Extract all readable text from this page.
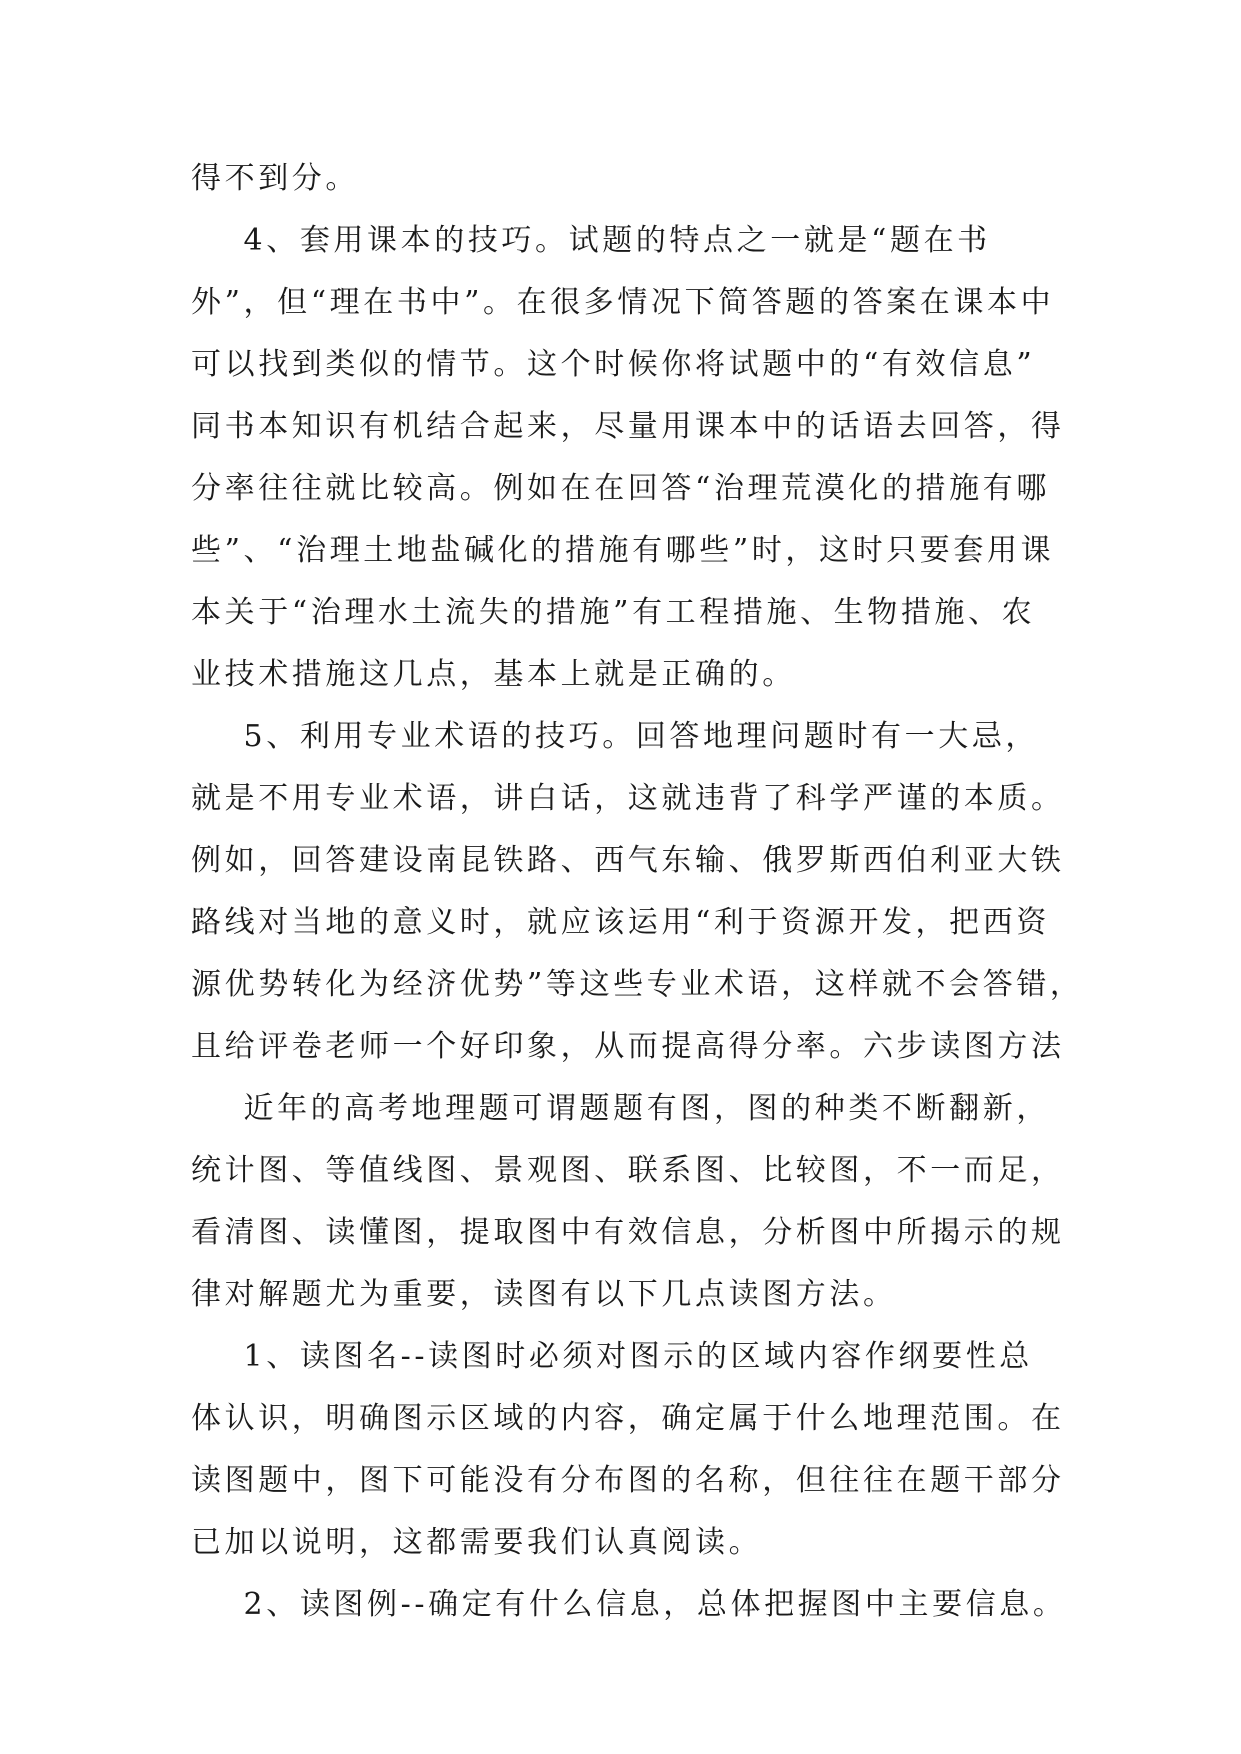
得不到分。
4、套用课本的技巧。试题的特点之一就是“题在书
外”，但“理在书中”。在很多情况下简答题的答案在课本中
可以找到类似的情节。这个时候你将试题中的“有效信息”
同书本知识有机结合起来，尽量用课本中的话语去回答，得
分率往往就比较高。例如在在回答“治理荒漠化的措施有哪
些”、“治理土地盐碱化的措施有哪些”时，这时只要套用课
本关于“治理水土流失的措施”有工程措施、生物措施、农
业技术措施这几点，基本上就是正确的。
5、利用专业术语的技巧。回答地理问题时有一大忌，
就是不用专业术语，讲白话，这就违背了科学严谨的本质。
例如，回答建设南昆铁路、西气东输、俄罗斯西伯利亚大铁
路线对当地的意义时，就应该运用“利于资源开发，把西资
源优势转化为经济优势”等这些专业术语，这样就不会答错，
且给评卷老师一个好印象，从而提高得分率。六步读图方法
近年的高考地理题可谓题题有图，图的种类不断翻新，
统计图、等值线图、景观图、联系图、比较图，不一而足，
看清图、读懂图，提取图中有效信息，分析图中所揭示的规
律对解题尤为重要，读图有以下几点读图方法。
1、读图名--读图时必须对图示的区域内容作纲要性总
体认识，明确图示区域的内容，确定属于什么地理范围。在
读图题中，图下可能没有分布图的名称，但往往在题干部分
已加以说明，这都需要我们认真阅读。
2、读图例--确定有什么信息，总体把握图中主要信息。
